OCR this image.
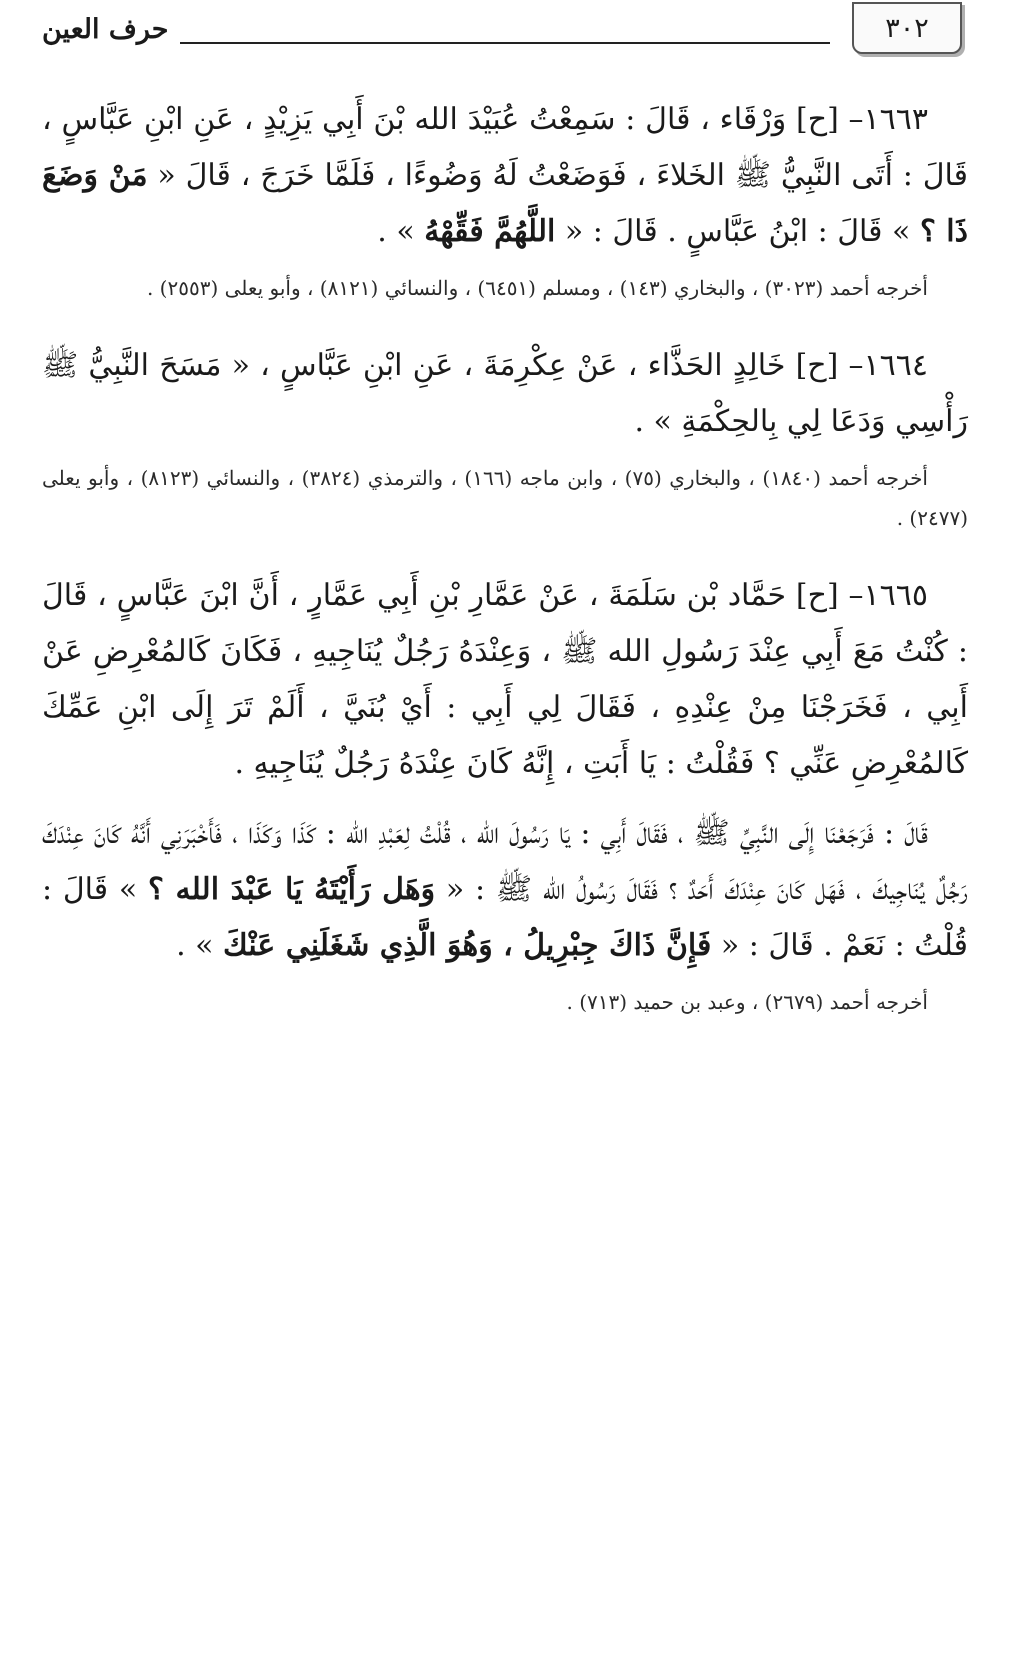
٣٠٢
حرف العين

١٦٦٣– [ح] وَرْقَاء ، قَالَ : سَمِعْتُ عُبَيْدَ الله بْنَ أَبِي يَزِيْدٍ ، عَنِ ابْنِ عَبَّاسٍ ، قَالَ : أَتَى النَّبِيُّ ﷺ الخَلاءَ ، فَوَضَعْتُ لَهُ وَضُوءًا ، فَلَمَّا خَرَجَ ، قَالَ « مَنْ وَضَعَ ذَا ؟ » قَالَ : ابْنُ عَبَّاسٍ . قَالَ : « اللَّهُمَّ فَقِّهْهُ » .

أخرجه أحمد (٣٠٢٣) ، والبخاري (١٤٣) ، ومسلم (٦٤٥١) ، والنسائي (٨١٢١) ، وأبو يعلى (٢٥٥٣) .

١٦٦٤– [ح] خَالِدٍ الحَذَّاء ، عَنْ عِكْرِمَةَ ، عَنِ ابْنِ عَبَّاسٍ ، « مَسَحَ النَّبِيُّ ﷺ رَأْسِي وَدَعَا لِي بِالحِكْمَةِ » .

أخرجه أحمد (١٨٤٠) ، والبخاري (٧٥) ، وابن ماجه (١٦٦) ، والترمذي (٣٨٢٤) ، والنسائي (٨١٢٣) ، وأبو يعلى (٢٤٧٧) .

١٦٦٥– [ح] حَمَّاد بْن سَلَمَةَ ، عَنْ عَمَّارِ بْنِ أَبِي عَمَّارٍ ، أَنَّ ابْنَ عَبَّاسٍ ، قَالَ : كُنْتُ مَعَ أَبِي عِنْدَ رَسُولِ الله ﷺ ، وَعِنْدَهُ رَجُلٌ يُنَاجِيهِ ، فَكَانَ كَالمُعْرِضِ عَنْ أَبِي ، فَخَرَجْنَا مِنْ عِنْدِهِ ، فَقَالَ لِي أَبِي : أَيْ بُنَيَّ ، أَلَمْ تَرَ إِلَى ابْنِ عَمِّكَ كَالمُعْرِضِ عَنِّي ؟ فَقُلْتُ : يَا أَبَتِ ، إِنَّهُ كَانَ عِنْدَهُ رَجُلٌ يُنَاجِيهِ .

قَالَ : فَرَجَعْنَا إِلَى النَّبِيِّ ﷺ ، فَقَالَ أَبِي : يَا رَسُولَ الله ، قُلْتُ لِعَبْدِ الله : كَذَا وَكَذَا ، فَأَخْبَرَنِي أَنَّهُ كَانَ عِنْدَكَ رَجُلٌ يُنَاجِيكَ ، فَهَل كَانَ عِنْدَكَ أَحَدٌ ؟ فَقَالَ رَسُولُ الله ﷺ : « وَهَل رَأَيْتَهُ يَا عَبْدَ الله ؟ » قَالَ : قُلْتُ : نَعَمْ . قَالَ : « فَإِنَّ ذَاكَ جِبْرِيلُ ، وَهُوَ الَّذِي شَغَلَنِي عَنْكَ » .

أخرجه أحمد (٢٦٧٩) ، وعبد بن حميد (٧١٣) .
